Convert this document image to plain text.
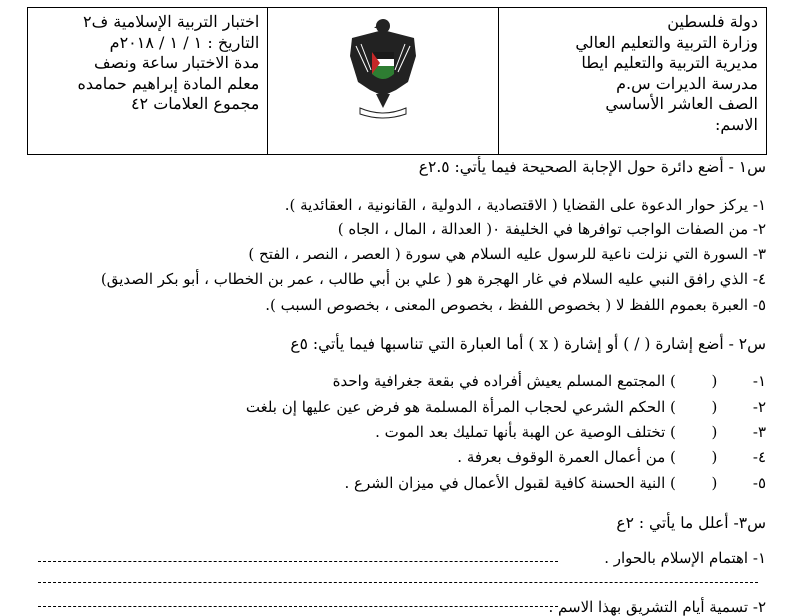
دولة فلسطين
وزارة التربية والتعليم العالي
مديرية التربية والتعليم ايطا
مدرسة الديرات س.م
الصف العاشر الأساسي
الاسم:
اختبار التربية الإسلامية ف٢
التاريخ : ١ / ١ / ٢٠١٨م
مدة الاختبار ساعة ونصف
معلم المادة إبراهيم حمامده
مجموع العلامات ٤٢
س١ - أضع دائرة حول الإجابة الصحيحة فيما يأتي: ٢.٥ع
١- يركز حوار الدعوة على القضايا ( الاقتصادية ، الدولية ، القانونية ، العقائدية ).
٢- من الصفات الواجب توافرها في الخليفة ٠( العدالة ، المال ، الجاه )
٣- السورة التي نزلت ناعية للرسول عليه السلام هي سورة ( العصر ، النصر ، الفتح )
٤- الذي رافق النبي عليه السلام في غار الهجرة هو ( علي بن أبي طالب ، عمر بن الخطاب ، أبو بكر الصديق)
٥- العبرة بعموم اللفظ لا ( بخصوص اللفظ ، بخصوص المعنى ، بخصوص السبب ).
س٢ - أضع إشارة ( / ) أو إشارة ( x ) أما العبارة التي تناسبها فيما يأتي: ٥ع
١-  (  ) المجتمع المسلم يعيش أفراده في بقعة جغرافية واحدة
٢-  (  ) الحكم الشرعي لحجاب المرأة المسلمة هو فرض عين عليها إن بلغت
٣-  (  ) تختلف الوصية عن الهبة بأنها تمليك بعد الموت .
٤-  (  ) من أعمال العمرة الوقوف بعرفة .
٥-  (  ) النية الحسنة كافية لقبول الأعمال في ميزان الشرع .
س٣- أعلل ما يأتي : ٢ع
١- اهتمام الإسلام بالحوار .
٢- تسمية أيام التشريق بهذا الاسم .
